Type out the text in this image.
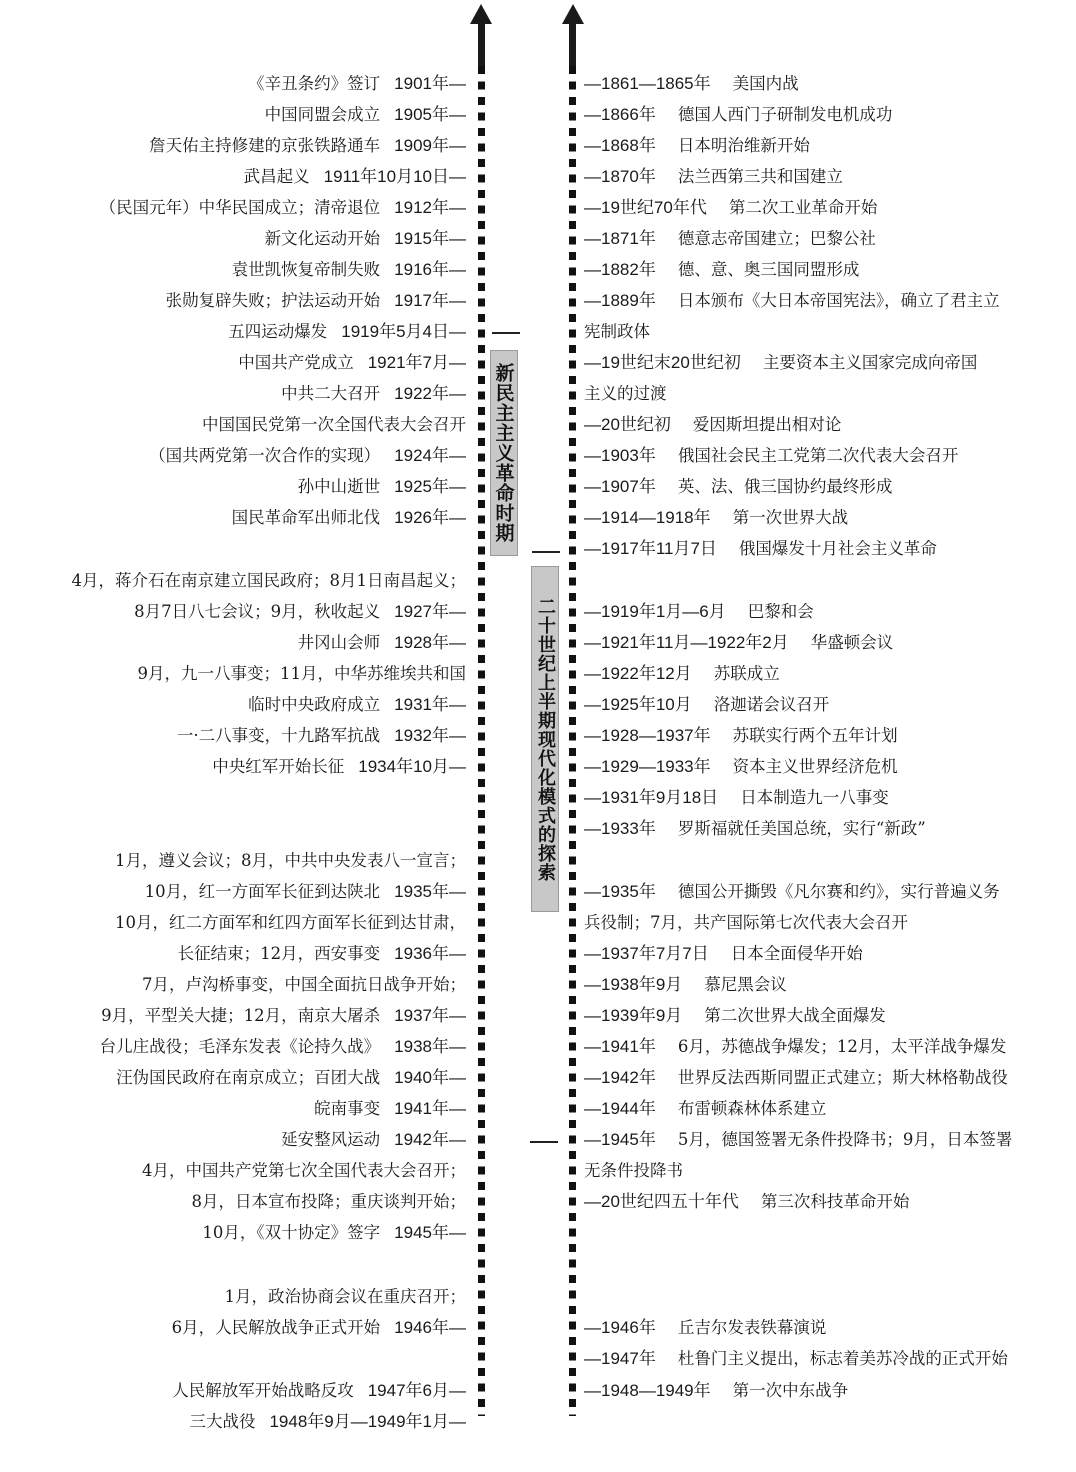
新民主主义革命时期
二十世纪上半期现代化模式的探索
《辛丑条约》签订 1901年—
中国同盟会成立 1905年—
詹天佑主持修建的京张铁路通车 1909年—
武昌起义 1911年10月10日—
（民国元年）中华民国成立；清帝退位 1912年—
新文化运动开始 1915年—
袁世凯恢复帝制失败 1916年—
张勋复辟失败；护法运动开始 1917年—
五四运动爆发 1919年5月4日—
中国共产党成立 1921年7月—
中共二大召开 1922年—
中国国民党第一次全国代表大会召开
（国共两党第一次合作的实现） 1924年—
孙中山逝世 1925年—
国民革命军出师北伐 1926年—
4月，蒋介石在南京建立国民政府；8月1日南昌起义；
8月7日八七会议；9月，秋收起义 1927年—
井冈山会师 1928年—
9月，九一八事变；11月，中华苏维埃共和国
临时中央政府成立 1931年—
一·二八事变，十九路军抗战 1932年—
中央红军开始长征 1934年10月—
1月，遵义会议；8月，中共中央发表八一宣言；
10月，红一方面军长征到达陕北 1935年—
10月，红二方面军和红四方面军长征到达甘肃，
长征结束；12月，西安事变 1936年—
7月，卢沟桥事变，中国全面抗日战争开始；
9月，平型关大捷；12月，南京大屠杀 1937年—
台儿庄战役；毛泽东发表《论持久战》 1938年—
汪伪国民政府在南京成立；百团大战 1940年—
皖南事变 1941年—
延安整风运动 1942年—
4月，中国共产党第七次全国代表大会召开；
8月，日本宣布投降；重庆谈判开始；
10月，《双十协定》签字 1945年—
1月，政治协商会议在重庆召开；
6月，人民解放战争正式开始 1946年—
人民解放军开始战略反攻 1947年6月—
三大战役 1948年9月—1949年1月—
—1861—1865年 美国内战
—1866年 德国人西门子研制发电机成功
—1868年 日本明治维新开始
—1870年 法兰西第三共和国建立
—19世纪70年代 第二次工业革命开始
—1871年 德意志帝国建立；巴黎公社
—1882年 德、意、奥三国同盟形成
—1889年 日本颁布《大日本帝国宪法》，确立了君主立
宪制政体
—19世纪末20世纪初 主要资本主义国家完成向帝国
主义的过渡
—20世纪初 爱因斯坦提出相对论
—1903年 俄国社会民主工党第二次代表大会召开
—1907年 英、法、俄三国协约最终形成
—1914—1918年 第一次世界大战
—1917年11月7日 俄国爆发十月社会主义革命
—1919年1月—6月 巴黎和会
—1921年11月—1922年2月 华盛顿会议
—1922年12月 苏联成立
—1925年10月 洛迦诺会议召开
—1928—1937年 苏联实行两个五年计划
—1929—1933年 资本主义世界经济危机
—1931年9月18日 日本制造九一八事变
—1933年 罗斯福就任美国总统，实行“新政”
—1935年 德国公开撕毁《凡尔赛和约》，实行普遍义务
兵役制；7月，共产国际第七次代表大会召开
—1937年7月7日 日本全面侵华开始
—1938年9月 慕尼黑会议
—1939年9月 第二次世界大战全面爆发
—1941年 6月，苏德战争爆发；12月，太平洋战争爆发
—1942年 世界反法西斯同盟正式建立；斯大林格勒战役
—1944年 布雷顿森林体系建立
—1945年 5月，德国签署无条件投降书；9月，日本签署
无条件投降书
—20世纪四五十年代 第三次科技革命开始
—1946年 丘吉尔发表铁幕演说
—1947年 杜鲁门主义提出，标志着美苏冷战的正式开始
—1948—1949年 第一次中东战争
